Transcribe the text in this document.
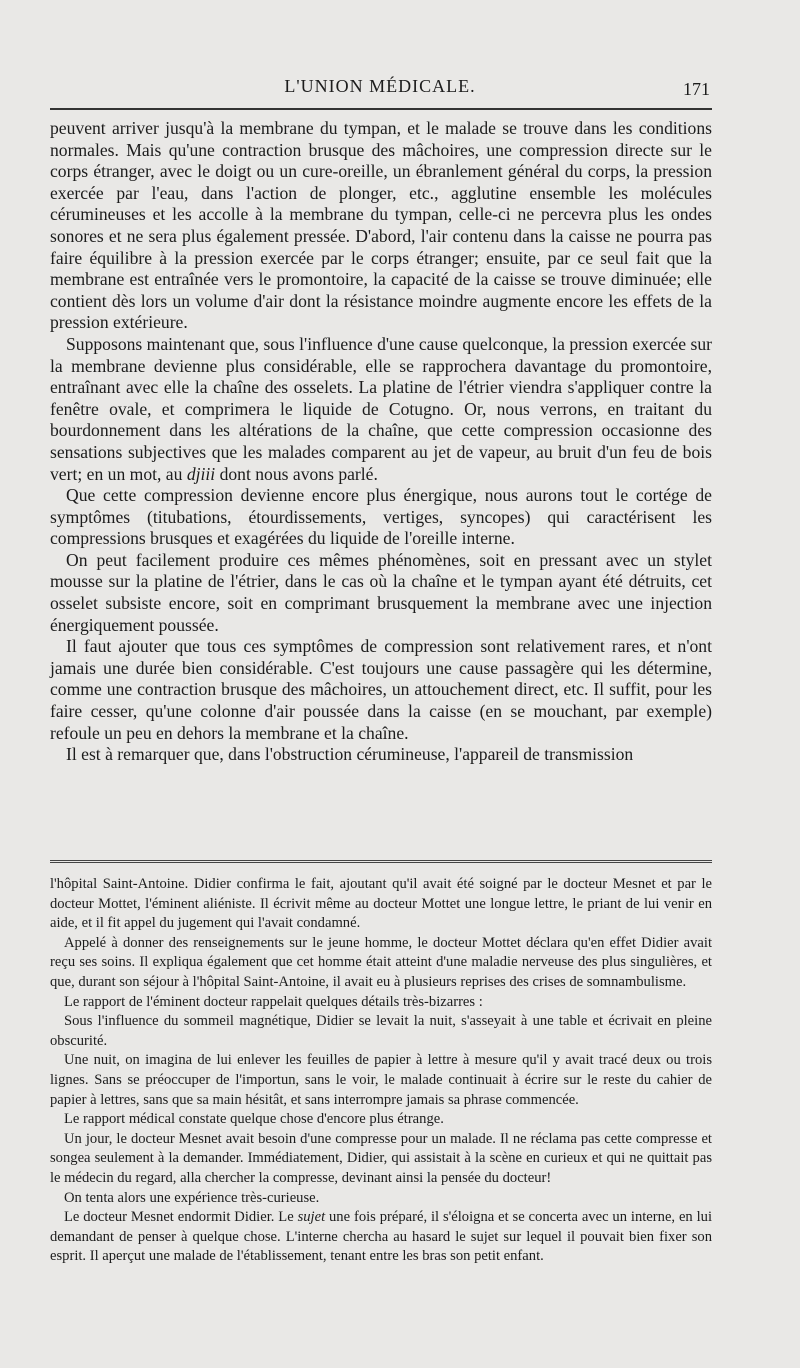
L'UNION MÉDICALE.	171

peuvent arriver jusqu'à la membrane du tympan, et le malade se trouve dans les conditions normales. Mais qu'une contraction brusque des mâchoires, une compression directe sur le corps étranger, avec le doigt ou un cure-oreille, un ébranlement général du corps, la pression exercée par l'eau, dans l'action de plonger, etc., agglutine ensemble les molécules cérumineuses et les accolle à la membrane du tympan, celle-ci ne percevra plus les ondes sonores et ne sera plus également pressée. D'abord, l'air contenu dans la caisse ne pourra pas faire équilibre à la pression exercée par le corps étranger; ensuite, par ce seul fait que la membrane est entraînée vers le promontoire, la capacité de la caisse se trouve diminuée; elle contient dès lors un volume d'air dont la résistance moindre augmente encore les effets de la pression extérieure.

Supposons maintenant que, sous l'influence d'une cause quelconque, la pression exercée sur la membrane devienne plus considérable, elle se rapprochera davantage du promontoire, entraînant avec elle la chaîne des osselets. La platine de l'étrier viendra s'appliquer contre la fenêtre ovale, et comprimera le liquide de Cotugno. Or, nous verrons, en traitant du bourdonnement dans les altérations de la chaîne, que cette compression occasionne des sensations subjectives que les malades comparent au jet de vapeur, au bruit d'un feu de bois vert; en un mot, au djiii dont nous avons parlé.

Que cette compression devienne encore plus énergique, nous aurons tout le cortége de symptômes (titubations, étourdissements, vertiges, syncopes) qui caractérisent les compressions brusques et exagérées du liquide de l'oreille interne.

On peut facilement produire ces mêmes phénomènes, soit en pressant avec un stylet mousse sur la platine de l'étrier, dans le cas où la chaîne et le tympan ayant été détruits, cet osselet subsiste encore, soit en comprimant brusquement la membrane avec une injection énergiquement poussée.

Il faut ajouter que tous ces symptômes de compression sont relativement rares, et n'ont jamais une durée bien considérable. C'est toujours une cause passagère qui les détermine, comme une contraction brusque des mâchoires, un attouchement direct, etc. Il suffit, pour les faire cesser, qu'une colonne d'air poussée dans la caisse (en se mouchant, par exemple) refoule un peu en dehors la membrane et la chaîne.

Il est à remarquer que, dans l'obstruction cérumineuse, l'appareil de transmission

l'hôpital Saint-Antoine. Didier confirma le fait, ajoutant qu'il avait été soigné par le docteur Mesnet et par le docteur Mottet, l'éminent aliéniste. Il écrivit même au docteur Mottet une longue lettre, le priant de lui venir en aide, et il fit appel du jugement qui l'avait condamné.

Appelé à donner des renseignements sur le jeune homme, le docteur Mottet déclara qu'en effet Didier avait reçu ses soins. Il expliqua également que cet homme était atteint d'une maladie nerveuse des plus singulières, et que, durant son séjour à l'hôpital Saint-Antoine, il avait eu à plusieurs reprises des crises de somnambulisme.

Le rapport de l'éminent docteur rappelait quelques détails très-bizarres :

Sous l'influence du sommeil magnétique, Didier se levait la nuit, s'asseyait à une table et écrivait en pleine obscurité.

Une nuit, on imagina de lui enlever les feuilles de papier à lettre à mesure qu'il y avait tracé deux ou trois lignes. Sans se préoccuper de l'importun, sans le voir, le malade continuait à écrire sur le reste du cahier de papier à lettres, sans que sa main hésitât, et sans interrompre jamais sa phrase commencée.

Le rapport médical constate quelque chose d'encore plus étrange.

Un jour, le docteur Mesnet avait besoin d'une compresse pour un malade. Il ne réclama pas cette compresse et songea seulement à la demander. Immédiatement, Didier, qui assistait à la scène en curieux et qui ne quittait pas le médecin du regard, alla chercher la compresse, devinant ainsi la pensée du docteur!

On tenta alors une expérience très-curieuse.

Le docteur Mesnet endormit Didier. Le sujet une fois préparé, il s'éloigna et se concerta avec un interne, en lui demandant de penser à quelque chose. L'interne chercha au hasard le sujet sur lequel il pouvait bien fixer son esprit. Il aperçut une malade de l'établissement, tenant entre les bras son petit enfant.
